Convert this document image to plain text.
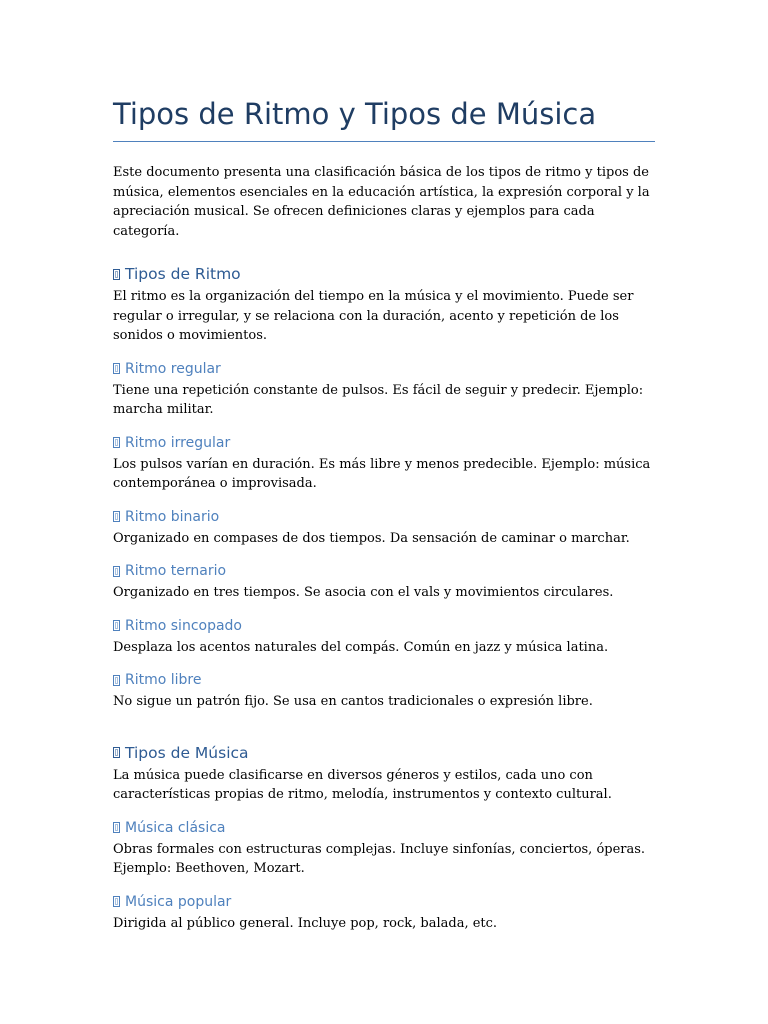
Tipos de Ritmo y Tipos de Música

Este documento presenta una clasificación básica de los tipos de ritmo y tipos de música, elementos esenciales en la educación artística, la expresión corporal y la apreciación musical. Se ofrecen definiciones claras y ejemplos para cada categoría.

Tipos de Ritmo

El ritmo es la organización del tiempo en la música y el movimiento. Puede ser regular o irregular, y se relaciona con la duración, acento y repetición de los sonidos o movimientos.

Ritmo regular

Tiene una repetición constante de pulsos. Es fácil de seguir y predecir. Ejemplo: marcha militar.

Ritmo irregular

Los pulsos varían en duración. Es más libre y menos predecible. Ejemplo: música contemporánea o improvisada.

Ritmo binario

Organizado en compases de dos tiempos. Da sensación de caminar o marchar.

Ritmo ternario

Organizado en tres tiempos. Se asocia con el vals y movimientos circulares.

Ritmo sincopado

Desplaza los acentos naturales del compás. Común en jazz y música latina.

Ritmo libre

No sigue un patrón fijo. Se usa en cantos tradicionales o expresión libre.

Tipos de Música

La música puede clasificarse en diversos géneros y estilos, cada uno con características propias de ritmo, melodía, instrumentos y contexto cultural.

Música clásica

Obras formales con estructuras complejas. Incluye sinfonías, conciertos, óperas. Ejemplo: Beethoven, Mozart.

Música popular

Dirigida al público general. Incluye pop, rock, balada, etc.
